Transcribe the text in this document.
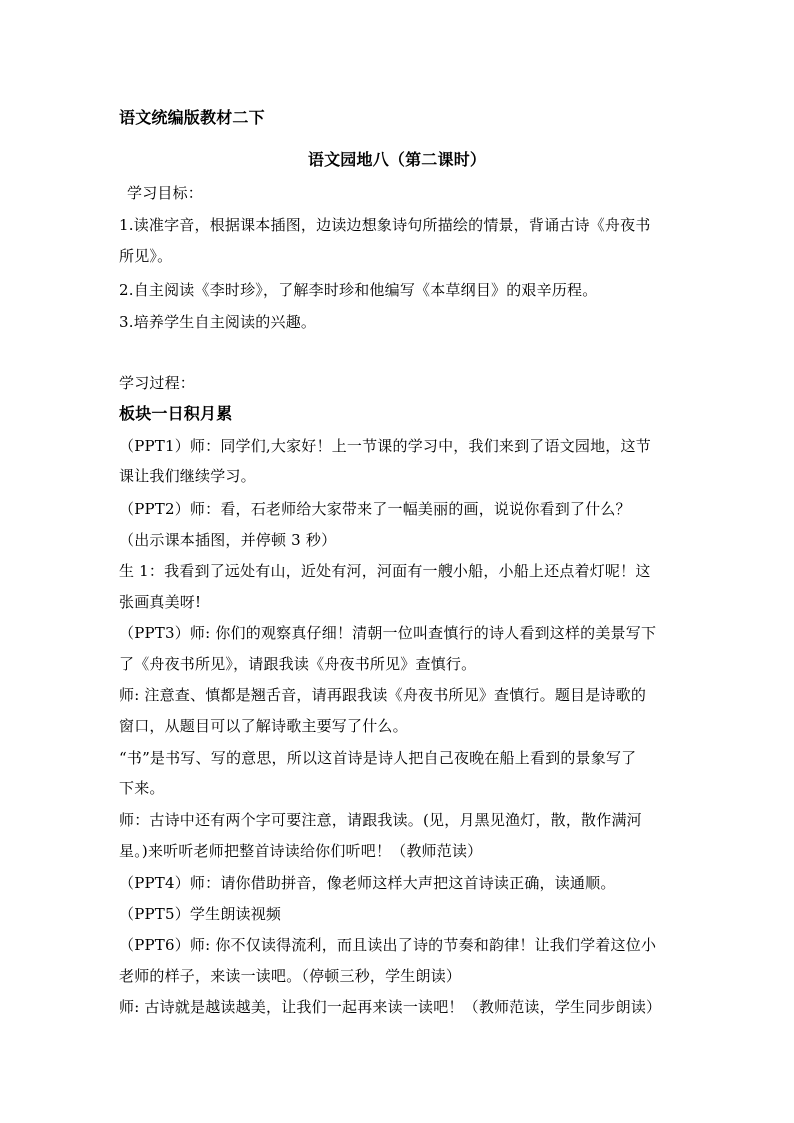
语文统编版教材二下
语文园地八（第二课时）
学习目标：
1.读准字音，根据课本插图，边读边想象诗句所描绘的情景，背诵古诗《舟夜书
所见》。
2.自主阅读《李时珍》，了解李时珍和他编写《本草纲目》的艰辛历程。
3.培养学生自主阅读的兴趣。
学习过程：
板块一日积月累
（PPT1）师：同学们,大家好！上一节课的学习中，我们来到了语文园地，这节
课让我们继续学习。
（PPT2）师：看，石老师给大家带来了一幅美丽的画，说说你看到了什么？
（出示课本插图，并停顿 3 秒）
生 1：我看到了远处有山，近处有河，河面有一艘小船，小船上还点着灯呢！这
张画真美呀!
（PPT3）师: 你们的观察真仔细！清朝一位叫查慎行的诗人看到这样的美景写下
了《舟夜书所见》，请跟我读《舟夜书所见》查慎行。
师: 注意查、慎都是翘舌音，请再跟我读《舟夜书所见》查慎行。题目是诗歌的
窗口，从题目可以了解诗歌主要写了什么。
“书”是书写、写的意思，所以这首诗是诗人把自己夜晚在船上看到的景象写了
下来。
师：古诗中还有两个字可要注意，请跟我读。(见，月黑见渔灯，散，散作满河
星。)来听听老师把整首诗读给你们听吧！（教师范读）
（PPT4）师：请你借助拼音，像老师这样大声把这首诗读正确，读通顺。
（PPT5）学生朗读视频
（PPT6）师: 你不仅读得流利，而且读出了诗的节奏和韵律！让我们学着这位小
老师的样子，来读一读吧。（停顿三秒，学生朗读）
师: 古诗就是越读越美，让我们一起再来读一读吧！（教师范读，学生同步朗读）
